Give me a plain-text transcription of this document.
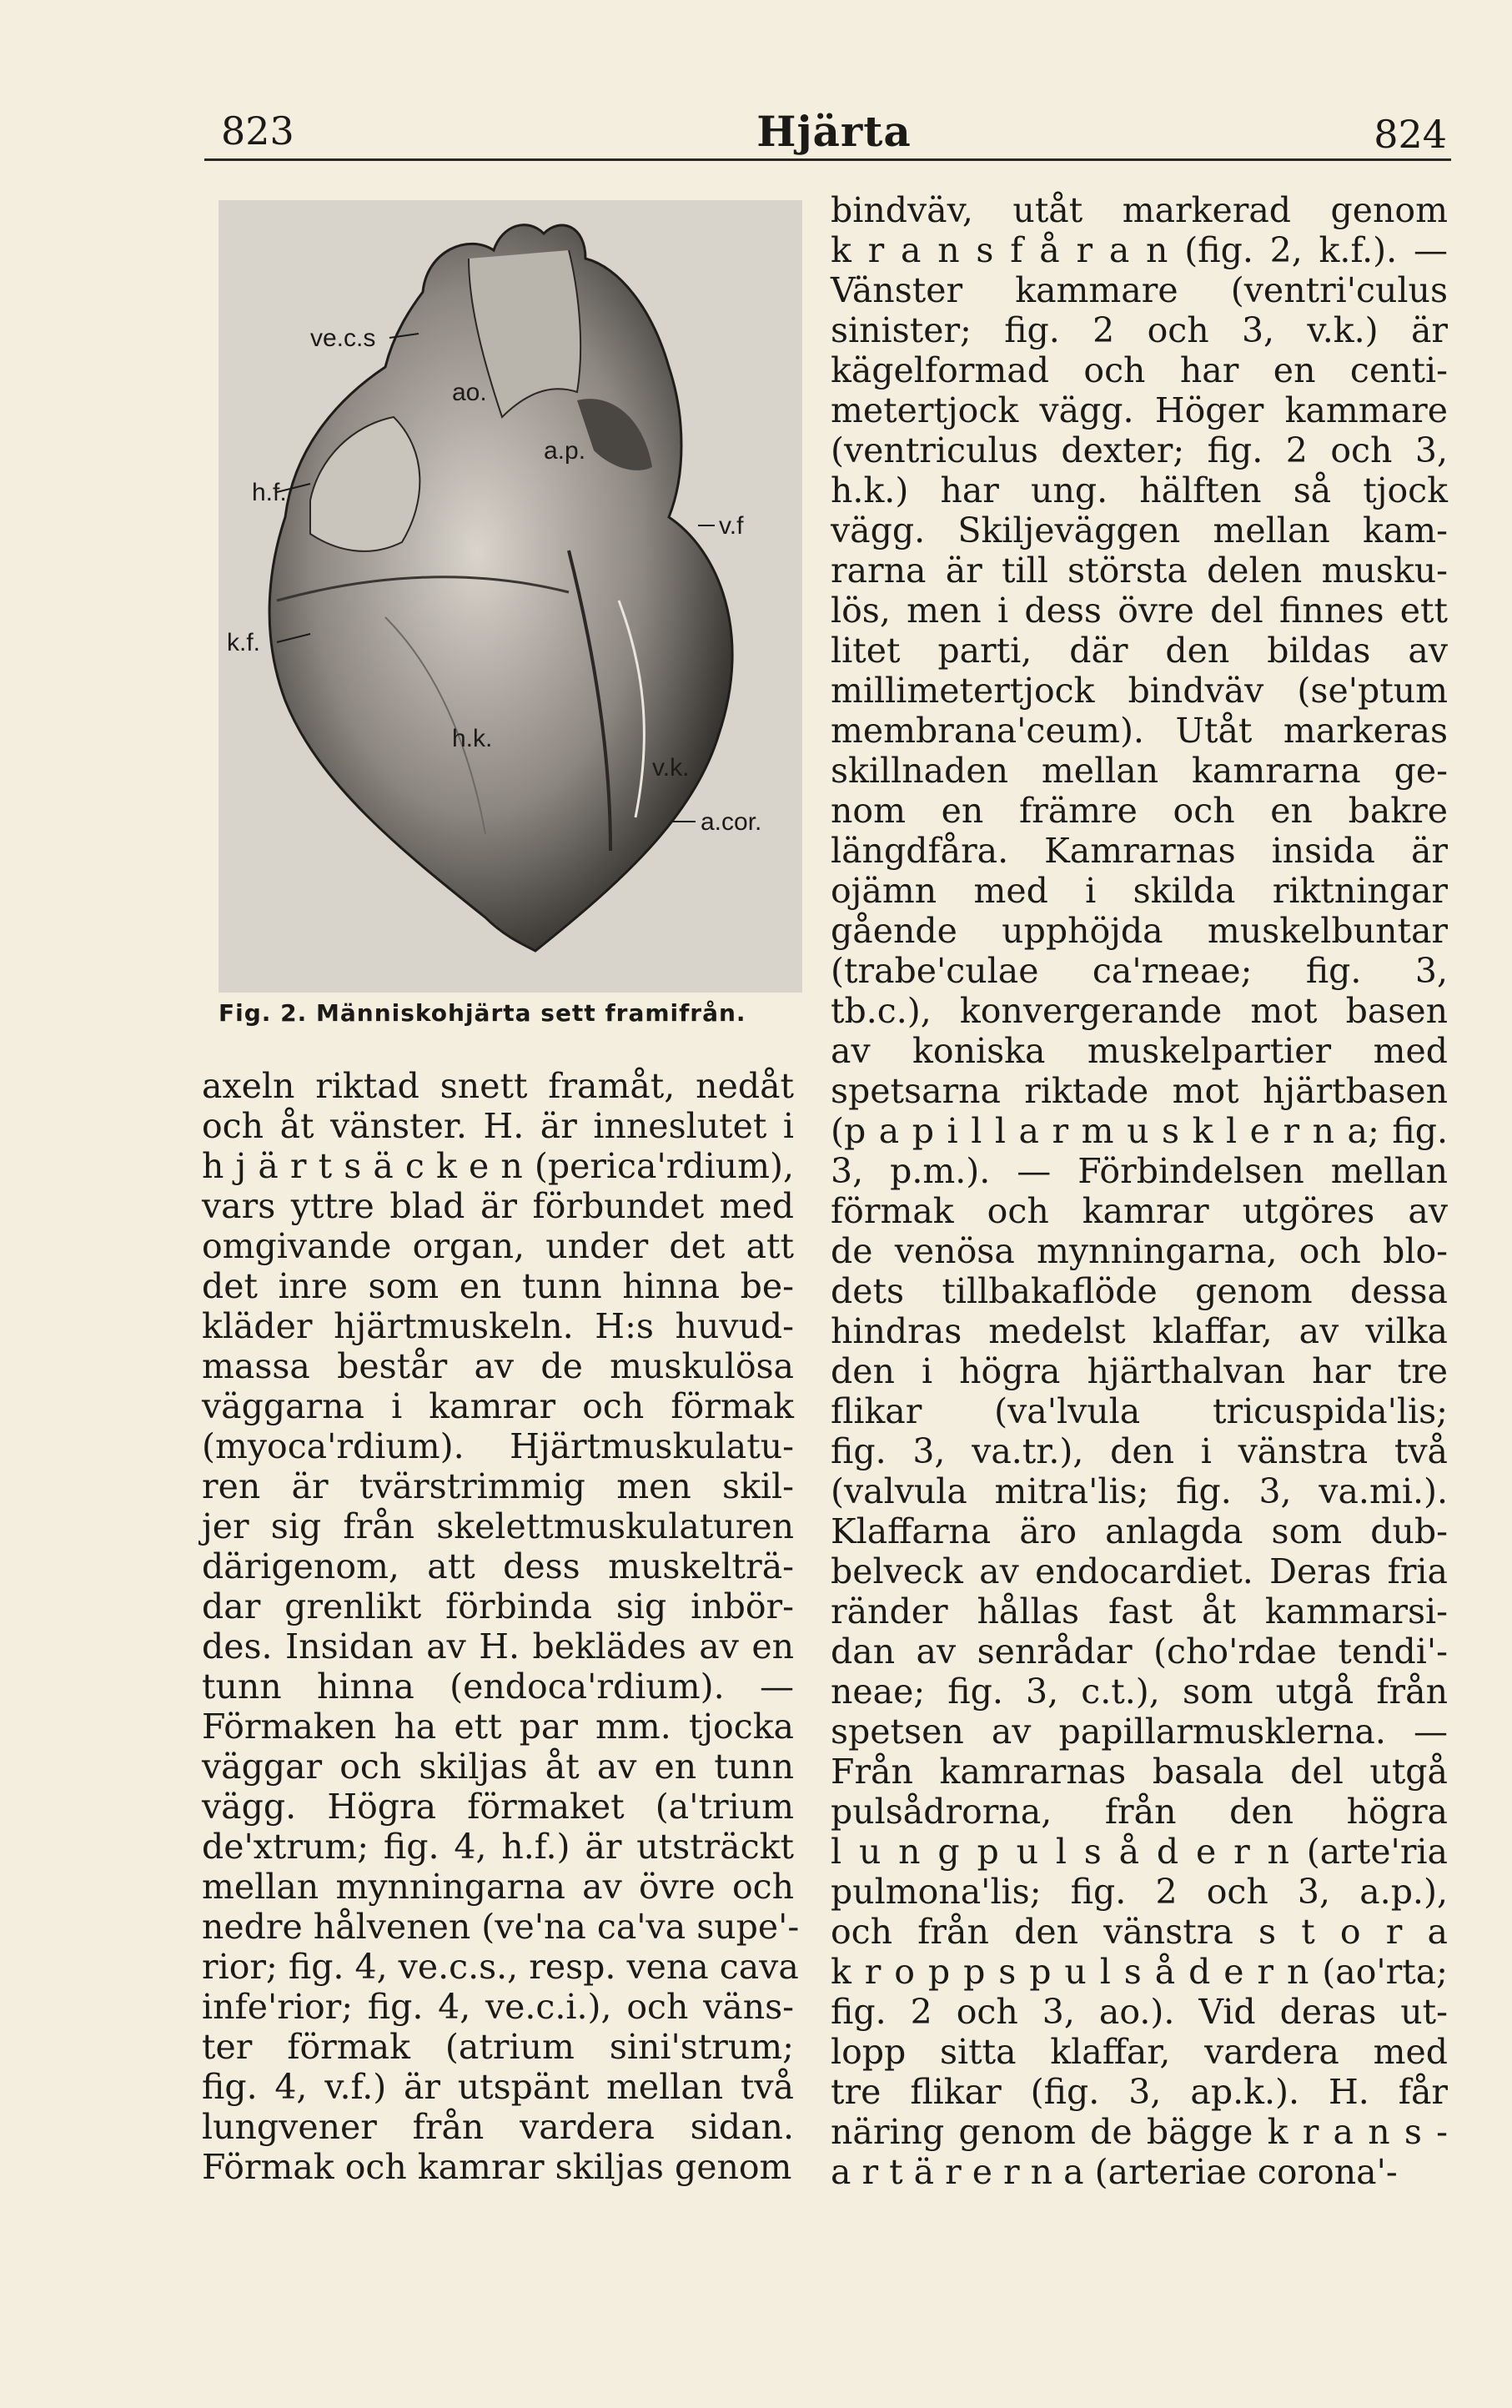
823	Hjärta	824
ve.c.s
ao.
a.p.
h.f.
v.f
k.f.
h.k.
v.k.
a.cor.
Fig. 2. Människohjärta sett framifrån.
axeln riktad snett framåt, nedåt
och åt vänster. H. är inneslutet i
h j ä r t s ä c k e n (perica'rdium),
vars yttre blad är förbundet med
omgivande organ, under det att
det inre som en tunn hinna be-
kläder hjärtmuskeln. H:s huvud-
massa består av de muskulösa
väggarna i kamrar och förmak
(myoca'rdium). Hjärtmuskulatu-
ren är tvärstrimmig men skil-
jer sig från skelettmuskulaturen
därigenom, att dess muskelträ-
dar grenlikt förbinda sig inbör-
des. Insidan av H. beklädes av en
tunn hinna (endoca'rdium). —
Förmaken ha ett par mm. tjocka
väggar och skiljas åt av en tunn
vägg. Högra förmaket (a'trium
de'xtrum; fig. 4, h.f.) är utsträckt
mellan mynningarna av övre och
nedre hålvenen (ve'na ca'va supe'-
rior; fig. 4, ve.c.s., resp. vena cava
infe'rior; fig. 4, ve.c.i.), och väns-
ter förmak (atrium sini'strum;
fig. 4, v.f.) är utspänt mellan två
lungvener från vardera sidan.
Förmak och kamrar skiljas genom
bindväv, utåt markerad genom
k r a n s f å r a n (fig. 2, k.f.). —
Vänster kammare (ventri'culus
sinister; fig. 2 och 3, v.k.) är
kägelformad och har en centi-
metertjock vägg. Höger kammare
(ventriculus dexter; fig. 2 och 3,
h.k.) har ung. hälften så tjock
vägg. Skiljeväggen mellan kam-
rarna är till största delen musku-
lös, men i dess övre del finnes ett
litet parti, där den bildas av
millimetertjock bindväv (se'ptum
membrana'ceum). Utåt markeras
skillnaden mellan kamrarna ge-
nom en främre och en bakre
längdfåra. Kamrarnas insida är
ojämn med i skilda riktningar
gående upphöjda muskelbuntar
(trabe'culae ca'rneae; fig. 3,
tb.c.), konvergerande mot basen
av koniska muskelpartier med
spetsarna riktade mot hjärtbasen
(p a p i l l a r m u s k l e r n a; fig.
3, p.m.). — Förbindelsen mellan
förmak och kamrar utgöres av
de venösa mynningarna, och blo-
dets tillbakaflöde genom dessa
hindras medelst klaffar, av vilka
den i högra hjärthalvan har tre
flikar (va'lvula tricuspida'lis;
fig. 3, va.tr.), den i vänstra två
(valvula mitra'lis; fig. 3, va.mi.).
Klaffarna äro anlagda som dub-
belveck av endocardiet. Deras fria
ränder hållas fast åt kammarsi-
dan av senrådar (cho'rdae tendi'-
neae; fig. 3, c.t.), som utgå från
spetsen av papillarmusklerna. —
Från kamrarnas basala del utgå
pulsådrorna, från den högra
l u n g p u l s å d e r n (arte'ria
pulmona'lis; fig. 2 och 3, a.p.),
och från den vänstra s t o r a
k r o p p s p u l s å d e r n (ao'rta;
fig. 2 och 3, ao.). Vid deras ut-
lopp sitta klaffar, vardera med
tre flikar (fig. 3, ap.k.). H. får
näring genom de bägge k r a n s -
a r t ä r e r n a (arteriae corona'-
